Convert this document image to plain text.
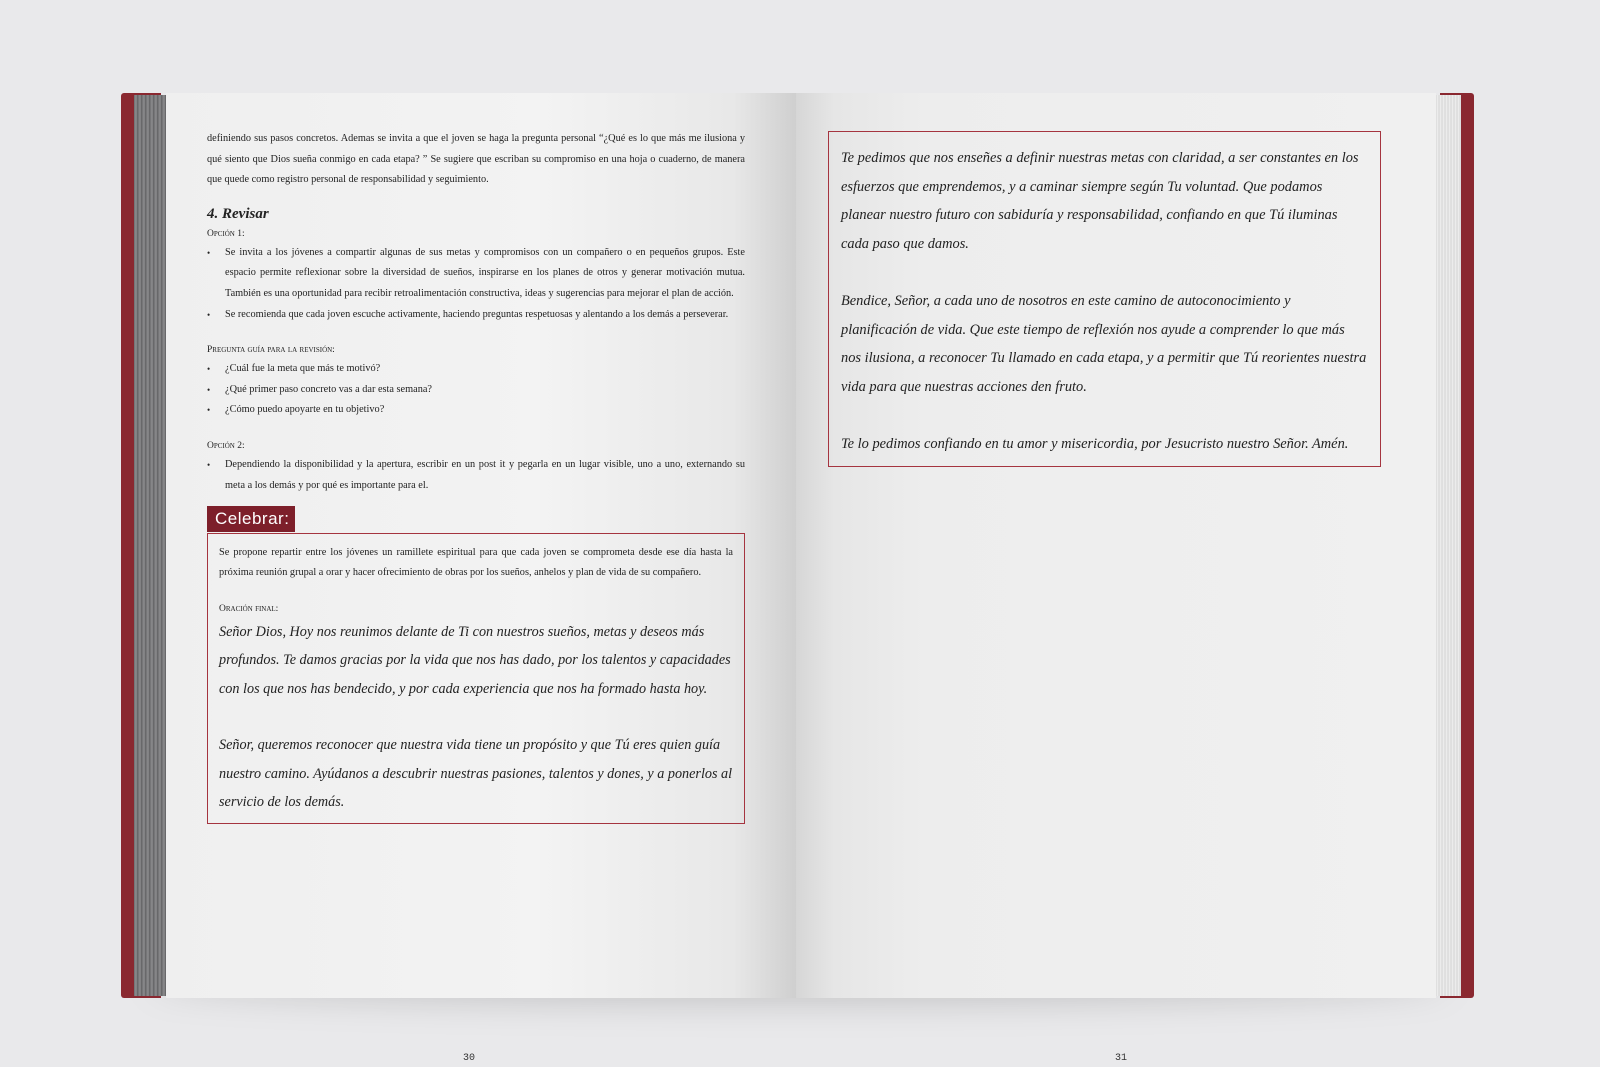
definiendo sus pasos concretos. Ademas se invita a que el joven se haga la pregunta personal “¿Qué es lo que más me ilusiona y qué siento que Dios sueña conmigo en cada etapa? ” Se sugiere que escriban su compromiso en una hoja o cuaderno, de manera que quede como registro personal de responsabilidad y seguimiento.

4. Revisar
Opción 1:
• Se invita a los jóvenes a compartir algunas de sus metas y compromisos con un compañero o en pequeños grupos. Este espacio permite reflexionar sobre la diversidad de sueños, inspirarse en los planes de otros y generar motivación mutua. También es una oportunidad para recibir retroalimentación constructiva, ideas y sugerencias para mejorar el plan de acción.
• Se recomienda que cada joven escuche activamente, haciendo preguntas respetuosas y alentando a los demás a perseverar.
Pregunta guía para la revisión:
• ¿Cuál fue la meta que más te motivó?
• ¿Qué primer paso concreto vas a dar esta semana?
• ¿Cómo puedo apoyarte en tu objetivo?
Opción 2:
• Dependiendo la disponibilidad y la apertura, escribir en un post it y pegarla en un lugar visible, uno a uno, externando su meta a los demás y por qué es importante para el.
Celebrar:

Se propone repartir entre los jóvenes un ramillete espiritual para que cada joven se comprometa desde ese día hasta la próxima reunión grupal a orar y hacer ofrecimiento de obras por los sueños, anhelos y plan de vida de su compañero.

Oración final:

Señor Dios, Hoy nos reunimos delante de Ti con nuestros sueños, metas y deseos más profundos. Te damos gracias por la vida que nos has dado, por los talentos y capacidades con los que nos has bendecido, y por cada experiencia que nos ha formado hasta hoy.

Señor, queremos reconocer que nuestra vida tiene un propósito y que Tú eres quien guía nuestro camino. Ayúdanos a descubrir nuestras pasiones, talentos y dones, y a ponerlos al servicio de los demás.

30

Te pedimos que nos enseñes a definir nuestras metas con claridad, a ser constantes en los esfuerzos que emprendemos, y a caminar siempre según Tu voluntad. Que podamos planear nuestro futuro con sabiduría y responsabilidad, confiando en que Tú iluminas cada paso que damos.

Bendice, Señor, a cada uno de nosotros en este camino de autoconocimiento y planificación de vida. Que este tiempo de reflexión nos ayude a comprender lo que más nos ilusiona, a reconocer Tu llamado en cada etapa, y a permitir que Tú reorientes nuestra vida para que nuestras acciones den fruto.

Te lo pedimos confiando en tu amor y misericordia, por Jesucristo nuestro Señor. Amén.

31
